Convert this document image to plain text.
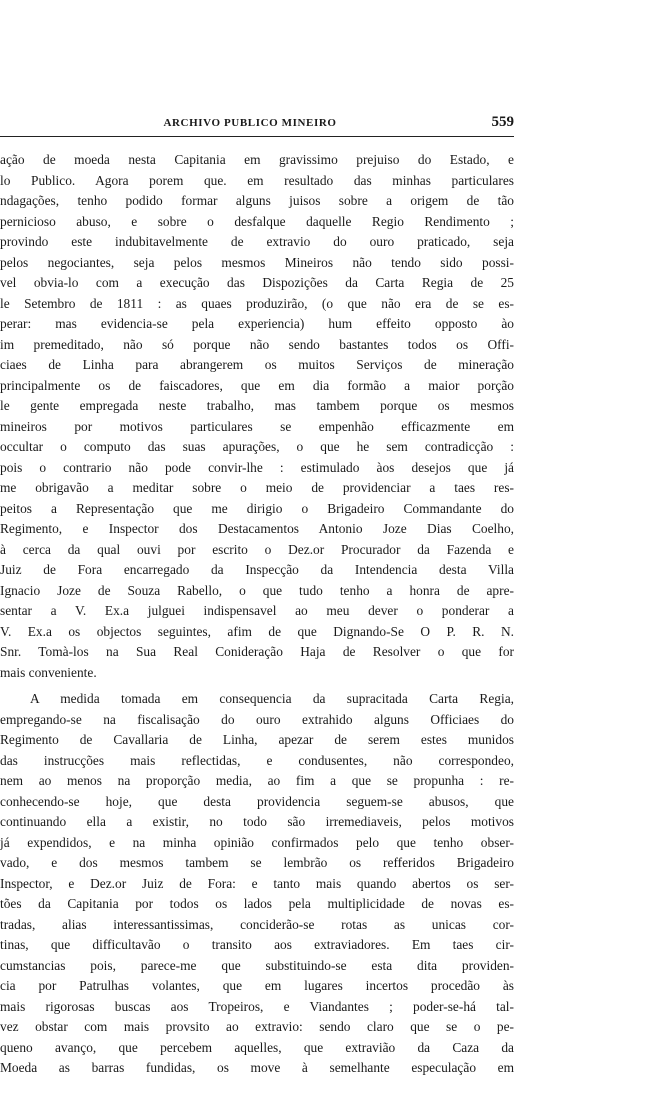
ARCHIVO PUBLICO MINEIRO	559
ação de moeda nesta Capitania em gravissimo prejuiso do Estado, e
lo Publico. Agora porem que. em resultado das minhas particulares
ndagações, tenho podido formar alguns juisos sobre a origem de tão
pernicioso abuso, e sobre o desfalque daquelle Regio Rendimento ;
provindo este indubitavelmente de extravio do ouro praticado, seja
pelos negociantes, seja pelos mesmos Mineiros não tendo sido possi-
vel obvia-lo com a execução das Dispozições da Carta Regia de 25
le Setembro de 1811 : as quaes produzirão, (o que não era de se es-
perar: mas evidencia-se pela experiencia) hum effeito opposto ào
im premeditado, não só porque não sendo bastantes todos os Offi-
ciaes de Linha para abrangerem os muitos Serviços de mineração
principalmente os de faiscadores, que em dia formão a maior porção
le gente empregada neste trabalho, mas tambem porque os mesmos
mineiros por motivos particulares se empenhão efficazmente em
occultar o computo das suas apurações, o que he sem contradicção :
pois o contrario não pode convir-lhe : estimulado àos desejos que já
me obrigavão a meditar sobre o meio de providenciar a taes res-
peitos a Representação que me dirigio o Brigadeiro Commandante do
Regimento, e Inspector dos Destacamentos Antonio Joze Dias Coelho,
à cerca da qual ouvi por escrito o Dez.or Procurador da Fazenda e
Juiz de Fora encarregado da Inspecção da Intendencia desta Villa
Ignacio Joze de Souza Rabello, o que tudo tenho a honra de apre-
sentar a V. Ex.a julguei indispensavel ao meu dever o ponderar a
V. Ex.a os objectos seguintes, afim de que Dignando-Se O P. R. N.
Snr. Tomà-los na Sua Real Conideração Haja de Resolver o que for
mais conveniente.
A medida tomada em consequencia da supracitada Carta Regia,
empregando-se na fiscalisação do ouro extrahido alguns Officiaes do
Regimento de Cavallaria de Linha, apezar de serem estes munidos
das instrucções mais reflectidas, e condusentes, não correspondeo,
nem ao menos na proporção media, ao fim a que se propunha : re-
conhecendo-se hoje, que desta providencia seguem-se abusos, que
continuando ella a existir, no todo são irremediaveis, pelos motivos
já expendidos, e na minha opinião confirmados pelo que tenho obser-
vado, e dos mesmos tambem se lembrão os refferidos Brigadeiro
Inspector, e Dez.or Juiz de Fora: e tanto mais quando abertos os ser-
tões da Capitania por todos os lados pela multiplicidade de novas es-
tradas, alias interessantissimas, conciderão-se rotas as unicas cor-
tinas, que difficultavão o transito aos extraviadores. Em taes cir-
cumstancias pois, parece-me que substituindo-se esta dita providen-
cia por Patrulhas volantes, que em lugares incertos procedão às
mais rigorosas buscas aos Tropeiros, e Viandantes ; poder-se-há tal-
vez obstar com mais provsito ao extravio: sendo claro que se o pe-
queno avanço, que percebem aquelles, que extravião da Caza da
Moeda as barras fundidas, os move à semelhante especulação em
